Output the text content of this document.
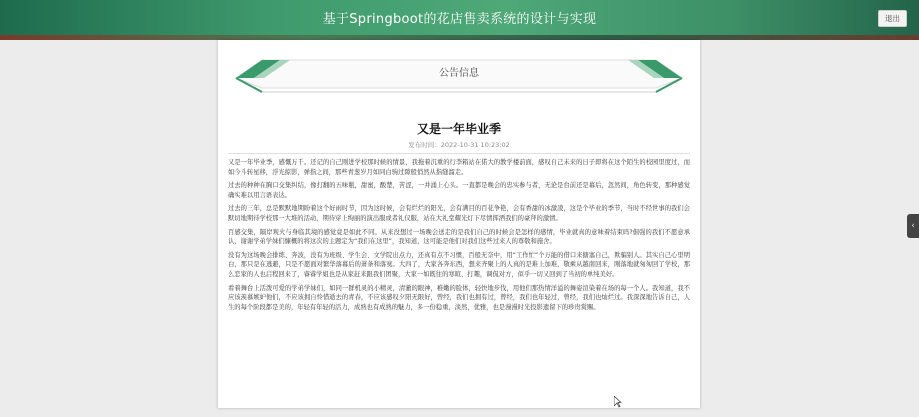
基于Springboot的花店售卖系统的设计与实现	退出
公告信息
又是一年毕业季
发布时间：2022-10-31 10:23:02

又是一年毕业季，感慨万千。还记的自己刚进学校那时候的情景，我拖着沉重的行李箱站在偌大的教学楼前面，感叹自己未来的日子即将在这个陌生的校园里度过，而如今斗转星移，浮光掠影，弹指之间，那些青葱岁月如同白驹过隙般悄然从指缝溜走。

过去的种种在胸口交集纠结，像打翻的五味瓶，甜蜜，酸楚，苦涩，一并涌上心头。一直都是晚会的忠实参与者，无论是台前还是幕后，忽然间，角色转变，那种感觉确实难以用言语表达。

过去的三年，总是默默地期盼着这个好雨时节，因为这时候，会有烂烂的阳光，会有满目的百花争艳，会有香甜的冰激凌，这是个毕业的季节，当时不经世事的我们会默切地期待学校那一大堆的活动，期待穿上绚丽的演出服或者礼仪服，站在大礼堂耀光灯下尽情挥洒我们的豪拜的激情。

百感交集，隔岸观火与身临其境的感觉竟是如此不同。从来没想过一场晚会送走的是我们自己的时候会是怎样的感情，毕业就真的意味着结束吗?倔强的我们不愿意承认，谢谢学弟学妹们慷概的将这次的主题定为“我们在这里”，我知道，这可能是他们对我们这些过来人的尊敬和施舍。

没有为这场晚会排练、奔波，没有为班级、学生会、文学院出点力，还真有点不习惯，百般无奈中，用“工作忙”个万能的借口来搪塞自己，欺骗别人。其实自己心里明白，那只是在逃避，只是不愿面对繁华落幕后的萧条和落寞。大四了，大家各奔东西，想来齐聚上的人真的是难上加难，敬乘从越南回来，刚落地就匆匆回了学校，那么恋家的人也启程回来了，睿睿学姐也是从家赶来跟我们团聚，大家一如既往的寒暄、打趣，调侃对方，似乎一切又回到了当初的单纯美好。

看着舞台上活泼可爱的学弟学妹们，如同一群机灵的小精灵，清澈的眼神，稚嫩的脸体，轻快地步伐，用他们那热情洋溢的舞姿渲染着在场的每一个人。我知道，我不应该羡慕嫉妒他们，不应该拥自怜惜逝去的青春，不应该感叹夕阳无限好，曾经，我们也拥有过，曾经，我们也年轻过，曾经，我们也灿烂过。我深深地告诉自己，人生的每个阶段都是美的，年轻有年轻的活力，成熟也有成熟的魅力，多一份稳重，淡然，优雅，也是漫漫时光投影遗留下的珍贵赏赐。

‹
